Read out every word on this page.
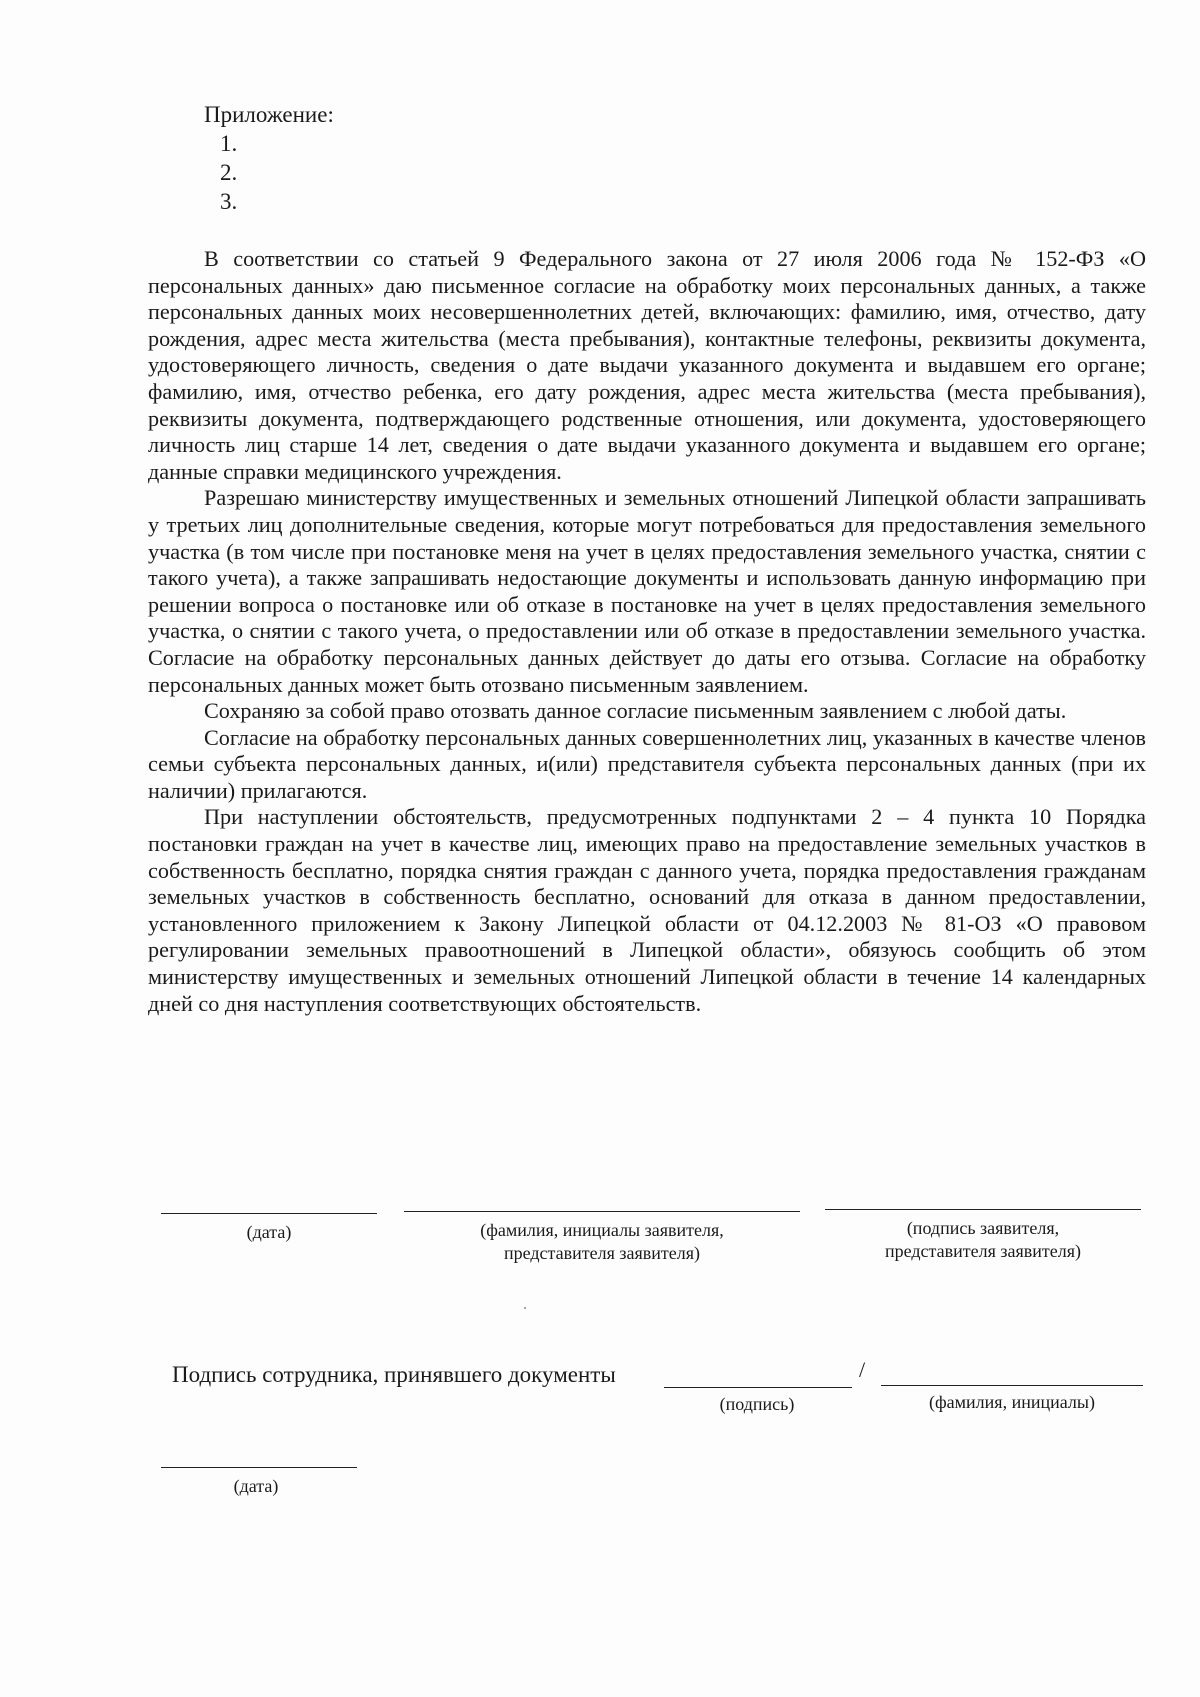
Приложение:
1.
2.
3.

В соответствии со статьей 9 Федерального закона от 27 июля 2006 года № 152-ФЗ «О персональных данных» даю письменное согласие на обработку моих персональных данных, а также персональных данных моих несовершеннолетних детей, включающих: фамилию, имя, отчество, дату рождения, адрес места жительства (места пребывания), контактные телефоны, реквизиты документа, удостоверяющего личность, сведения о дате выдачи указанного документа и выдавшем его органе; фамилию, имя, отчество ребенка, его дату рождения, адрес места жительства (места пребывания), реквизиты документа, подтверждающего родственные отношения, или документа, удостоверяющего личность лиц старше 14 лет, сведения о дате выдачи указанного документа и выдавшем его органе; данные справки медицинского учреждения.

Разрешаю министерству имущественных и земельных отношений Липецкой области запрашивать у третьих лиц дополнительные сведения, которые могут потребоваться для предоставления земельного участка (в том числе при постановке меня на учет в целях предоставления земельного участка, снятии с такого учета), а также запрашивать недостающие документы и использовать данную информацию при решении вопроса о постановке или об отказе в постановке на учет в целях предоставления земельного участка, о снятии с такого учета, о предоставлении или об отказе в предоставлении земельного участка. Согласие на обработку персональных данных действует до даты его отзыва. Согласие на обработку персональных данных может быть отозвано письменным заявлением.

Сохраняю за собой право отозвать данное согласие письменным заявлением с любой даты.

Согласие на обработку персональных данных совершеннолетних лиц, указанных в качестве членов семьи субъекта персональных данных, и(или) представителя субъекта персональных данных (при их наличии) прилагаются.

При наступлении обстоятельств, предусмотренных подпунктами 2 – 4 пункта 10 Порядка постановки граждан на учет в качестве лиц, имеющих право на предоставление земельных участков в собственность бесплатно, порядка снятия граждан с данного учета, порядка предоставления гражданам земельных участков в собственность бесплатно, оснований для отказа в данном предоставлении, установленного приложением к Закону Липецкой области от 04.12.2003 № 81-ОЗ «О правовом регулировании земельных правоотношений в Липецкой области», обязуюсь сообщить об этом министерству имущественных и земельных отношений Липецкой области в течение 14 календарных дней со дня наступления соответствующих обстоятельств.

(дата)	(фамилия, инициалы заявителя,
представителя заявителя)
(подпись заявителя,
представителя заявителя)
Подпись сотрудника, принявшего документы	/
(подпись)	(фамилия, инициалы)
(дата)
